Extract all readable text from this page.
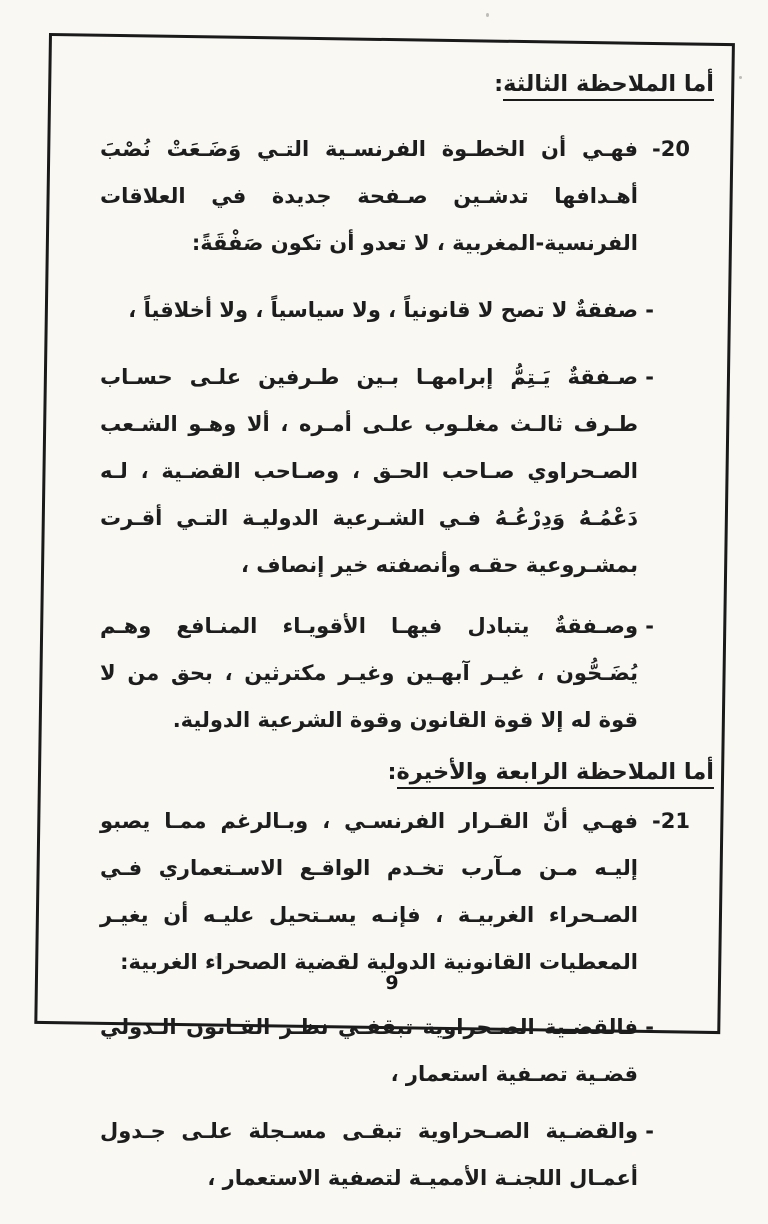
أما الملاحظة الثالثة:
20-

فهـي أن الخطـوة الفرنسـية التـي وَضَـعَتْ نُصْبَ أهـدافها تدشـين صـفحة جديدة في العلاقات الفرنسية-المغربية ، لا تعدو أن تكون صَفْقَةً:

-

صفقةٌ لا تصح لا قانونياً ، ولا سياسياً ، ولا أخلاقياً ،

-

صـفقةٌ يَـتِمُّ إبرامهـا بـين طـرفين علـى حسـاب طـرف ثالـث مغلـوب علـى أمـره ، ألا وهـو الشـعب الصـحراوي صـاحب الحـق ، وصـاحب القضـية ، لـه دَعْمُـهُ وَدِرْعُـهُ فـي الشـرعية الدوليـة التـي أقـرت بمشـروعية حقـه وأنصفته خير إنصاف ،

-

وصـفقةٌ يتبادل فيهـا الأقويـاء المنـافع وهـم يُضَـحُّون ، غيـر آبهـين وغيـر مكترثين ، بحق من لا قوة له إلا قوة القانون وقوة الشرعية الدولية.

أما الملاحظة الرابعة والأخيرة:
21-

فهـي أنّ القـرار الفرنسـي ، وبـالرغم ممـا يصبو إليـه مـن مـآرب تخـدم الواقـع الاسـتعماري فـي الصـحراء الغربيـة ، فإنـه يسـتحيل عليـه أن يغيـر المعطيات القانونية الدولية لقضية الصحراء الغربية:

-

فالقضـية الصـحراوية تبقفـي نظـر القـانون الـدولي قضـية تصـفية استعمار ،

-

والقضـية الصـحراوية تبقـى مسـجلة علـى جـدول أعمـال اللجنـة الأمميـة لتصفية الاستعمار ،

9
